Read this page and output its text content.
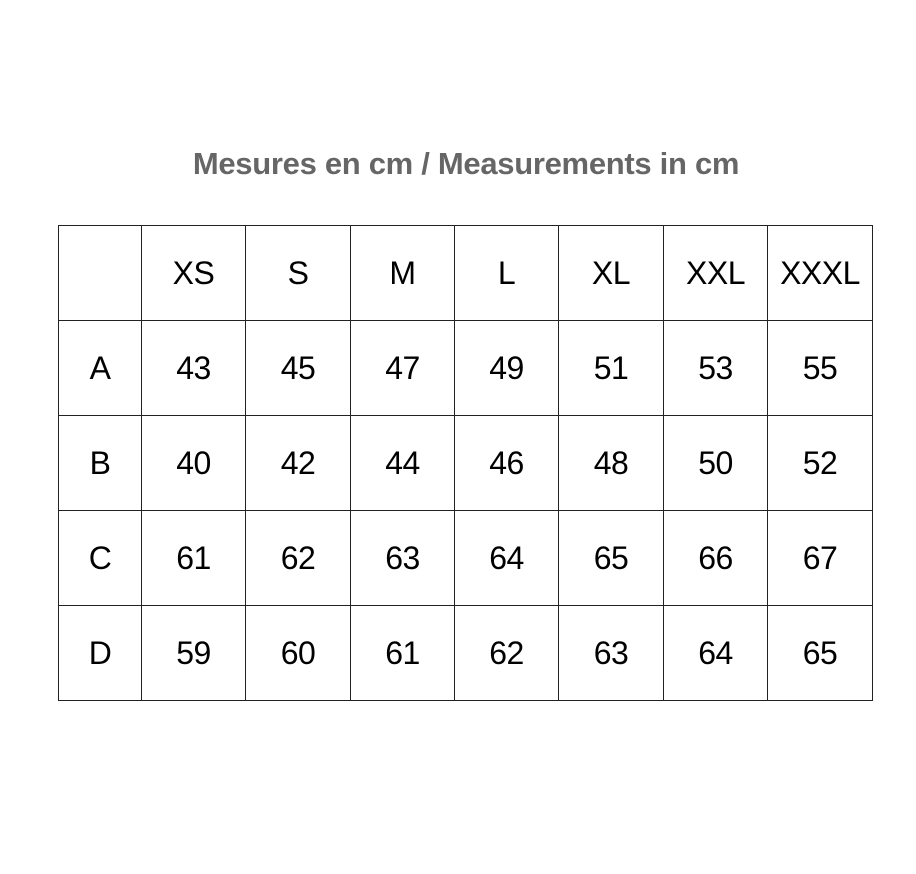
Mesures en cm / Measurements in cm
	XS	S	M	L	XL	XXL	XXXL
A	43	45	47	49	51	53	55
B	40	42	44	46	48	50	52
C	61	62	63	64	65	66	67
D	59	60	61	62	63	64	65
